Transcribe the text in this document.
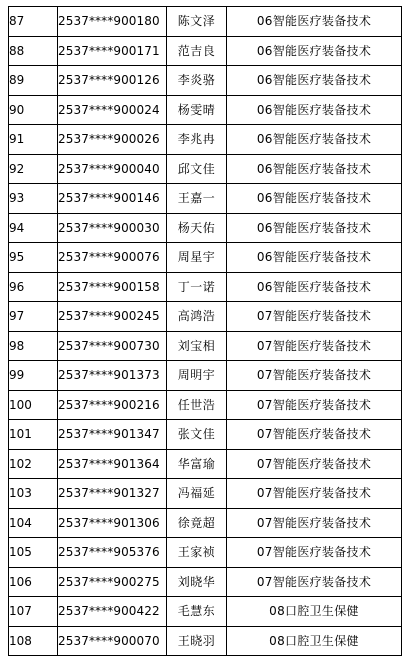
87	2537****900180	陈文泽	06智能医疗装备技术
88	2537****900171	范吉良	06智能医疗装备技术
89	2537****900126	李炎骆	06智能医疗装备技术
90	2537****900024	杨雯晴	06智能医疗装备技术
91	2537****900026	李兆冉	06智能医疗装备技术
92	2537****900040	邱文佳	06智能医疗装备技术
93	2537****900146	王嘉一	06智能医疗装备技术
94	2537****900030	杨天佑	06智能医疗装备技术
95	2537****900076	周星宇	06智能医疗装备技术
96	2537****900158	丁一诺	06智能医疗装备技术
97	2537****900245	高鸿浩	07智能医疗装备技术
98	2537****900730	刘宝相	07智能医疗装备技术
99	2537****901373	周明宇	07智能医疗装备技术
100	2537****900216	任世浩	07智能医疗装备技术
101	2537****901347	张文佳	07智能医疗装备技术
102	2537****901364	华富瑜	07智能医疗装备技术
103	2537****901327	冯福延	07智能医疗装备技术
104	2537****901306	徐竟超	07智能医疗装备技术
105	2537****905376	王家祯	07智能医疗装备技术
106	2537****900275	刘晓华	07智能医疗装备技术
107	2537****900422	毛慧东	08口腔卫生保健
108	2537****900070	王晓羽	08口腔卫生保健
